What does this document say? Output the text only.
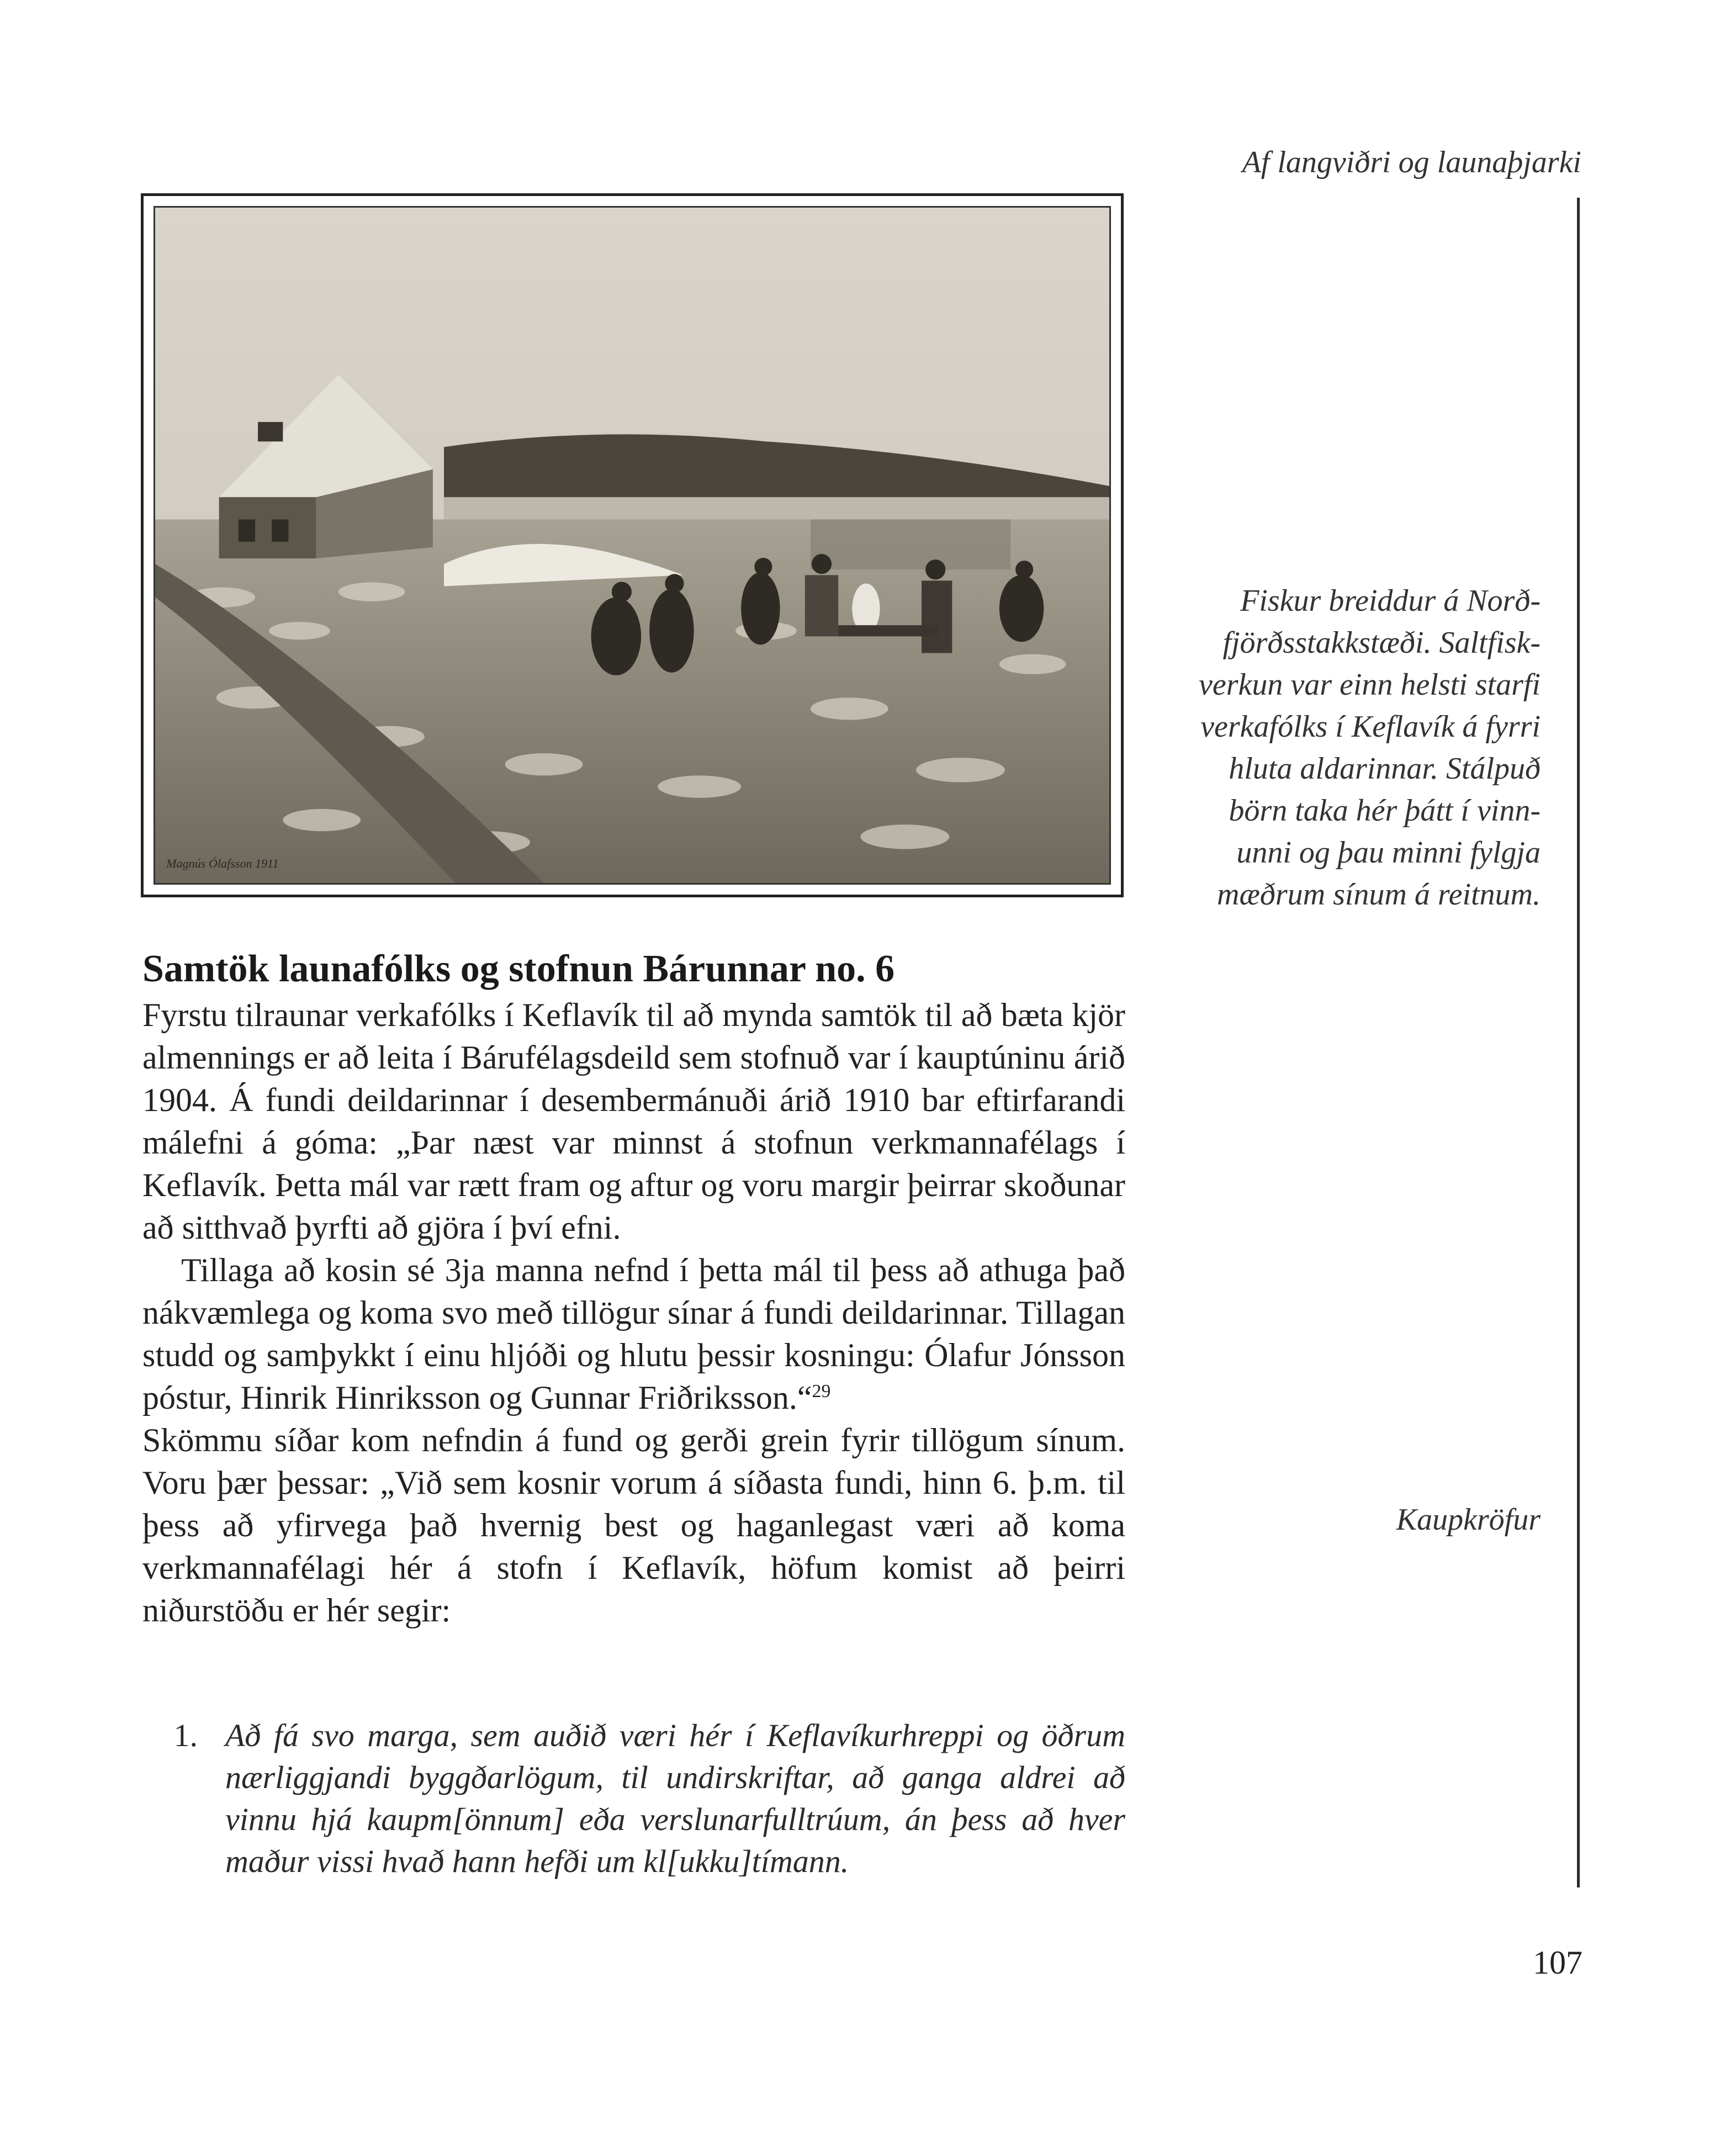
Af langviðri og launaþjarki
Magnús Ólafsson 1911
Fiskur breiddur á Norð-
fjörðsstakkstæði. Saltfisk-
verkun var einn helsti starfi
verkafólks í Keflavík á fyrri
hluta aldarinnar. Stálpuð
börn taka hér þátt í vinn-
unni og þau minni fylgja
mæðrum sínum á reitnum.
Samtök launafólks og stofnun Bárunnar no. 6

Fyrstu tilraunar verkafólks í Keflavík til að mynda samtök til að bæta kjör almennings er að leita í Bárufélagsdeild sem stofnuð var í kauptúninu árið 1904. Á fundi deildarinnar í desembermánuði árið 1910 bar eftirfarandi málefni á góma: „Þar næst var minnst á stofnun verkmannafélags í Keflavík. Þetta mál var rætt fram og aftur og voru margir þeirrar skoðunar að sitthvað þyrfti að gjöra í því efni.

Tillaga að kosin sé 3ja manna nefnd í þetta mál til þess að athuga það nákvæmlega og koma svo með tillögur sínar á fundi deildarinnar. Tillagan studd og samþykkt í einu hljóði og hlutu þessir kosningu: Ólafur Jónsson póstur, Hinrik Hinriksson og Gunnar Friðriksson.“$^{29}$

Skömmu síðar kom nefndin á fund og gerði grein fyrir tillögum sínum. Voru þær þessar: „Við sem kosnir vorum á síðasta fundi, hinn 6. þ.m. til þess að yfirvega það hvernig best og haganlegast væri að koma verkmannafélagi hér á stofn í Keflavík, höfum komist að þeirri niðurstöðu er hér segir:

Kaupkröfur
1. Að fá svo marga, sem auðið væri hér í Keflavíkurhreppi og öðrum nærliggjandi byggðarlögum, til undirskriftar, að ganga aldrei að vinnu hjá kaupm[önnum] eða verslunarfulltrúum, án þess að hver maður vissi hvað hann hefði um kl[ukku]tímann.
107
